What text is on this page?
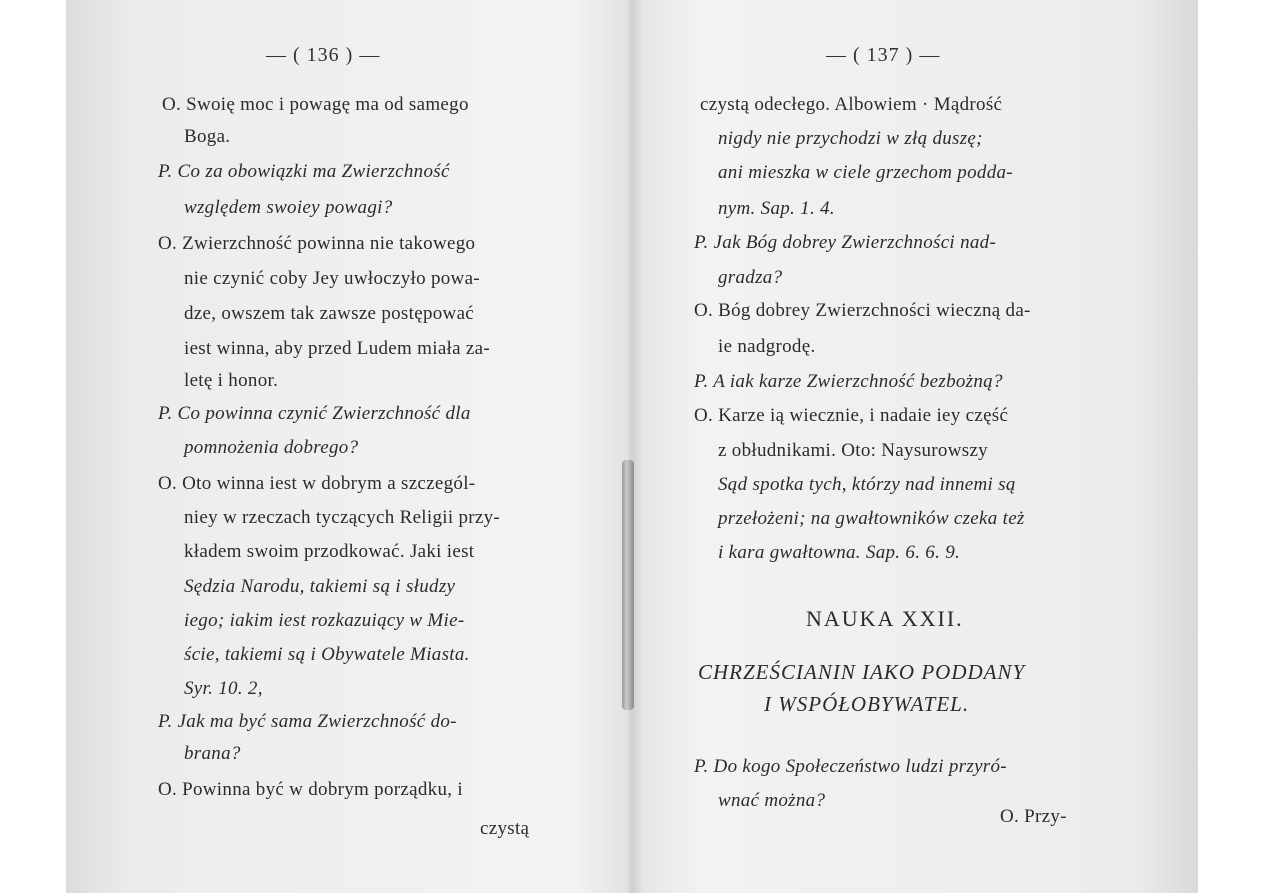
— ( 136 ) —
O. Swoię moc i powagę ma od samego
Boga.
P. Co za obowiązki ma Zwierzchność
względem swoiey powagi?
O. Zwierzchność powinna nie takowego
nie czynić coby Jey uwłoczyło powa-
dze, owszem tak zawsze postępować
iest winna, aby przed Ludem miała za-
letę i honor.
P. Co powinna czynić Zwierzchność dla
pomnożenia dobrego?
O. Oto winna iest w dobrym a szczegól-
niey w rzeczach tyczących Religii przy-
kładem swoim przodkować. Jaki iest
Sędzia Narodu, takiemi są i słudzy
iego; iakim iest rozkazuiący w Mie-
ście, takiemi są i Obywatele Miasta.
Syr. 10. 2,
P. Jak ma być sama Zwierzchność do-
brana?
O. Powinna być w dobrym porządku, i
czystą
— ( 137 ) —
czystą odecłego. Albowiem · Mądrość
nigdy nie przychodzi w złą duszę;
ani mieszka w ciele grzechom podda-
nym. Sap. 1. 4.
P. Jak Bóg dobrey Zwierzchności nad-
gradza?
O. Bóg dobrey Zwierzchności wieczną da-
ie nadgrodę.
P. A iak karze Zwierzchność bezbożną?
O. Karze ią wiecznie, i nadaie iey część
z obłudnikami. Oto: Naysurowszy
Sąd spotka tych, którzy nad innemi są
przełożeni; na gwałtowników czeka też
i kara gwałtowna. Sap. 6. 6. 9.
NAUKA XXII.
CHRZEŚCIANIN IAKO PODDANY
I WSPÓŁOBYWATEL.
P. Do kogo Społeczeństwo ludzi przyró-
wnać można?
O. Przy-
